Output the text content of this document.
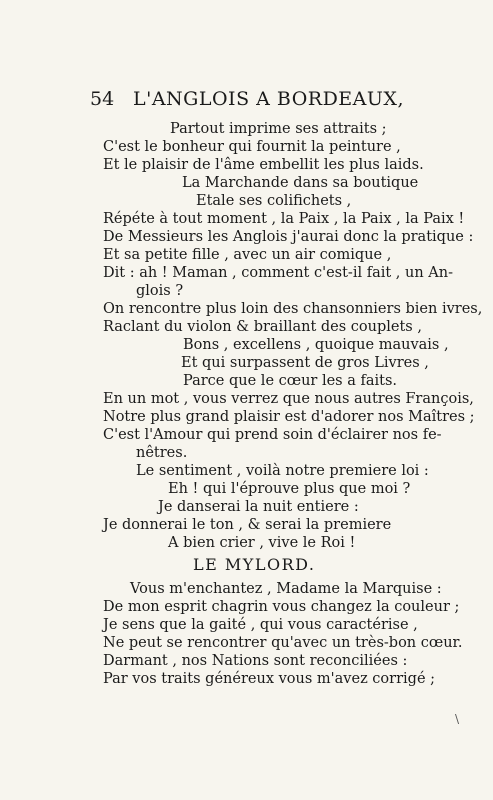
54 L'ANGLOIS A BORDEAUX,
Partout imprime ses attraits ;
C'est le bonheur qui fournit la peinture ,
Et le plaisir de l'âme embellit les plus laids.
La Marchande dans sa boutique
Etale ses colifichets ,
Répéte à tout moment , la Paix , la Paix , la Paix !
De Messieurs les Anglois j'aurai donc la pratique :
Et sa petite fille , avec un air comique ,
Dit : ah ! Maman , comment c'est-il fait , un An-
glois ?
On rencontre plus loin des chansonniers bien ivres,
Raclant du violon & braillant des couplets ,
Bons , excellens , quoique mauvais ,
Et qui surpassent de gros Livres ,
Parce que le cœur les a faits.
En un mot , vous verrez que nous autres François,
Notre plus grand plaisir est d'adorer nos Maîtres ;
C'est l'Amour qui prend soin d'éclairer nos fe-
nêtres.
Le sentiment , voilà notre premiere loi :
Eh ! qui l'éprouve plus que moi ?
Je danserai la nuit entiere :
Je donnerai le ton , & serai la premiere
A bien crier , vive le Roi !
LE MYLORD.
Vous m'enchantez , Madame la Marquise :
De mon esprit chagrin vous changez la couleur ;
Je sens que la gaité , qui vous caractérise ,
Ne peut se rencontrer qu'avec un très-bon cœur.
Darmant , nos Nations sont reconciliées :
Par vos traits généreux vous m'avez corrigé ;
\
